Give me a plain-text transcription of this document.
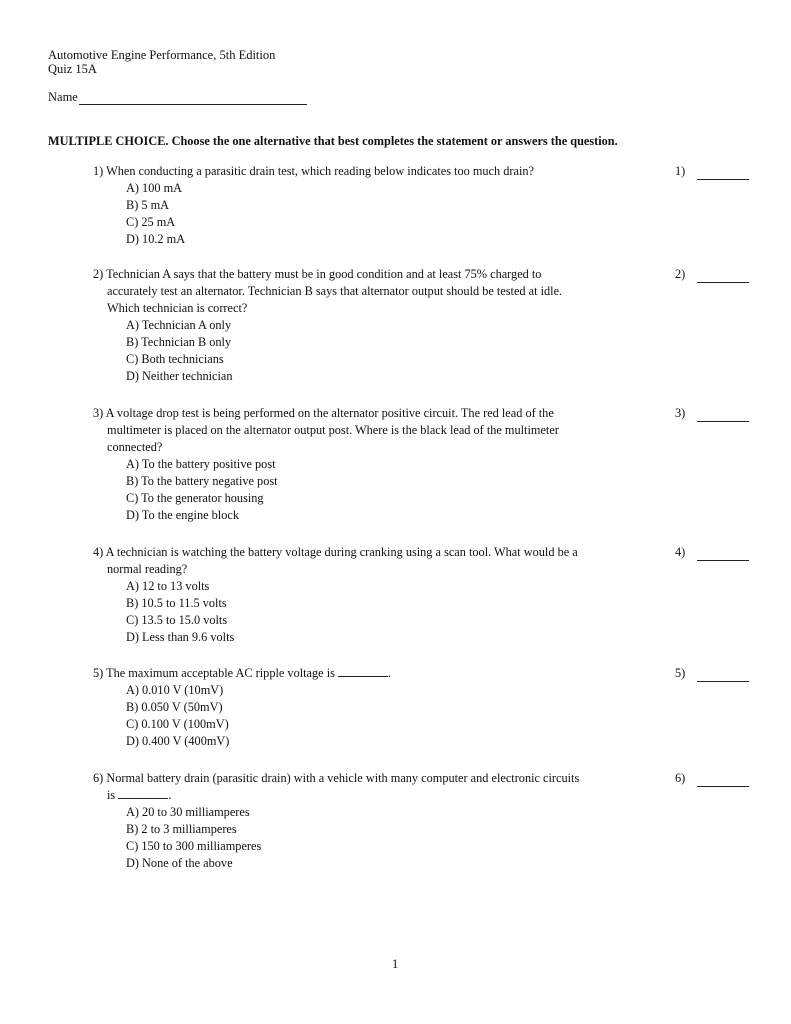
Automotive Engine Performance, 5th Edition
Quiz 15A
Name
MULTIPLE CHOICE. Choose the one alternative that best completes the statement or answers the question.
1) When conducting a parasitic drain test, which reading below indicates too much drain?	1)
A) 100 mA
B) 5 mA
C) 25 mA
D) 10.2 mA
2) Technician A says that the battery must be in good condition and at least 75% charged to
accurately test an alternator. Technician B says that alternator output should be tested at idle.
Which technician is correct?
2)
A) Technician A only
B) Technician B only
C) Both technicians
D) Neither technician
3) A voltage drop test is being performed on the alternator positive circuit. The red lead of the
multimeter is placed on the alternator output post. Where is the black lead of the multimeter
connected?
3)
A) To the battery positive post
B) To the battery negative post
C) To the generator housing
D) To the engine block
4) A technician is watching the battery voltage during cranking using a scan tool. What would be a
normal reading?
4)
A) 12 to 13 volts
B) 10.5 to 11.5 volts
C) 13.5 to 15.0 volts
D) Less than 9.6 volts
5) The maximum acceptable AC ripple voltage is	.	5)
A) 0.010 V (10mV)
B) 0.050 V (50mV)
C) 0.100 V (100mV)
D) 0.400 V (400mV)
6) Normal battery drain (parasitic drain) with a vehicle with many computer and electronic circuits
is	.
6)
A) 20 to 30 milliamperes
B) 2 to 3 milliamperes
C) 150 to 300 milliamperes
D) None of the above
1
